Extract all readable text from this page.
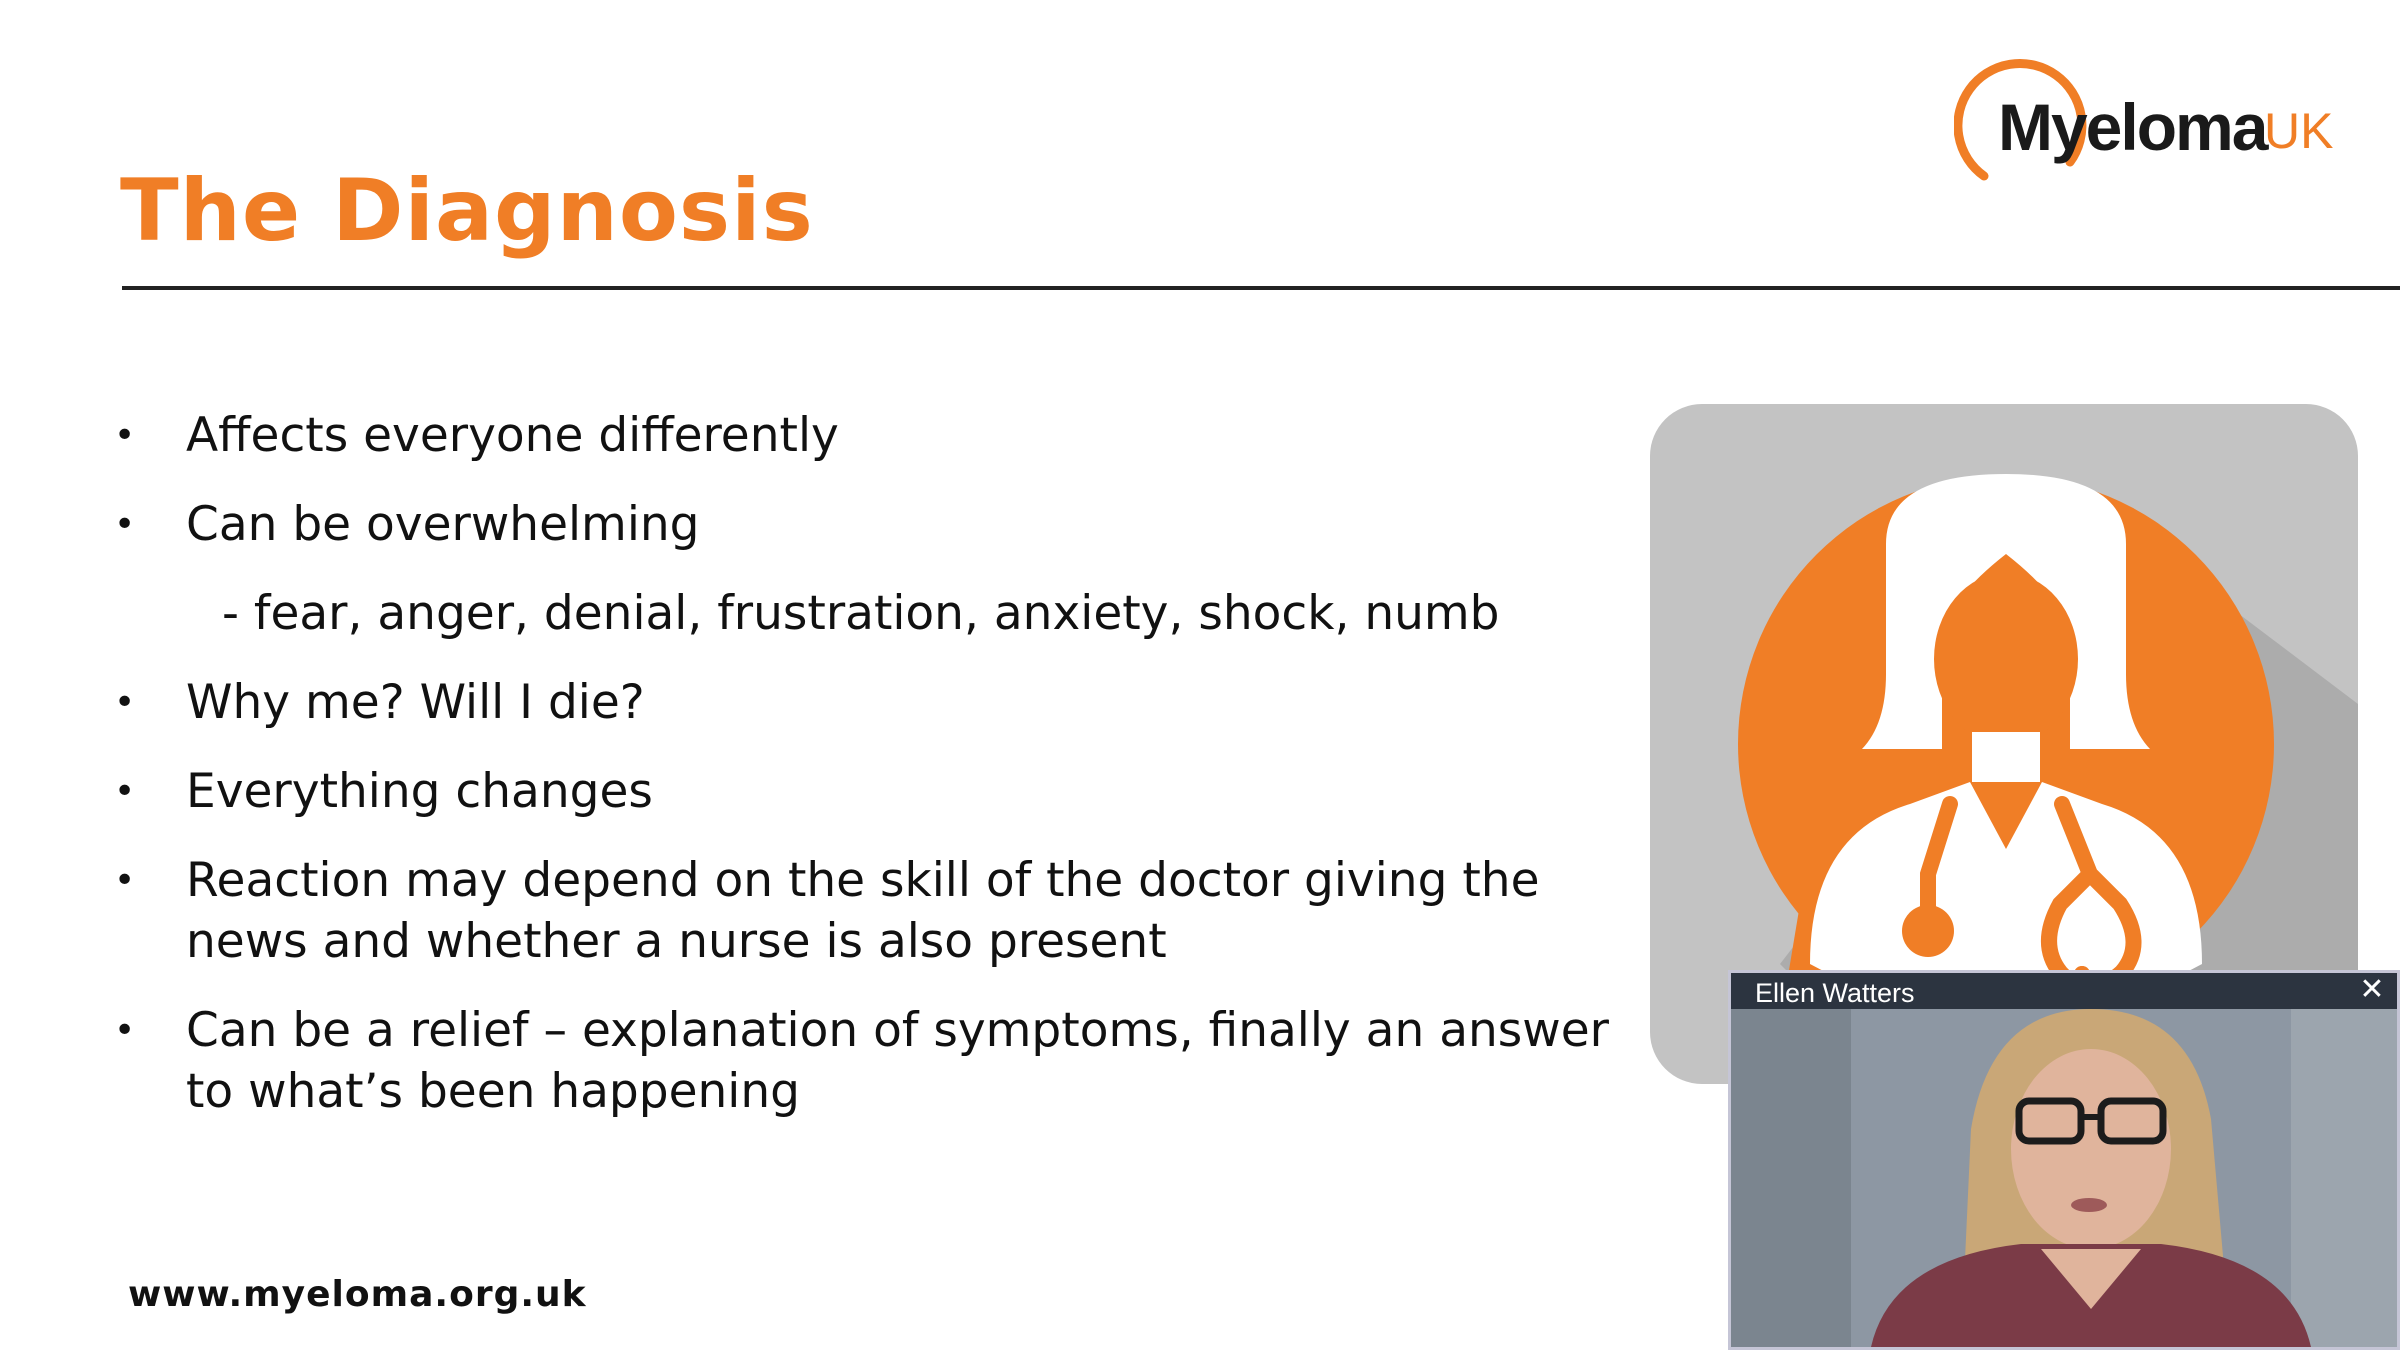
Myeloma
UK
The Diagnosis
• Affects everyone differently
• Can be overwhelming
- fear, anger, denial, frustration, anxiety, shock, numb
• Why me? Will I die?
• Everything changes
• Reaction may depend on the skill of the doctor giving the news and whether a nurse is also present
• Can be a relief – explanation of symptoms, finally an answer to what’s been happening
www.myeloma.org.uk
Ellen Watters	✕
